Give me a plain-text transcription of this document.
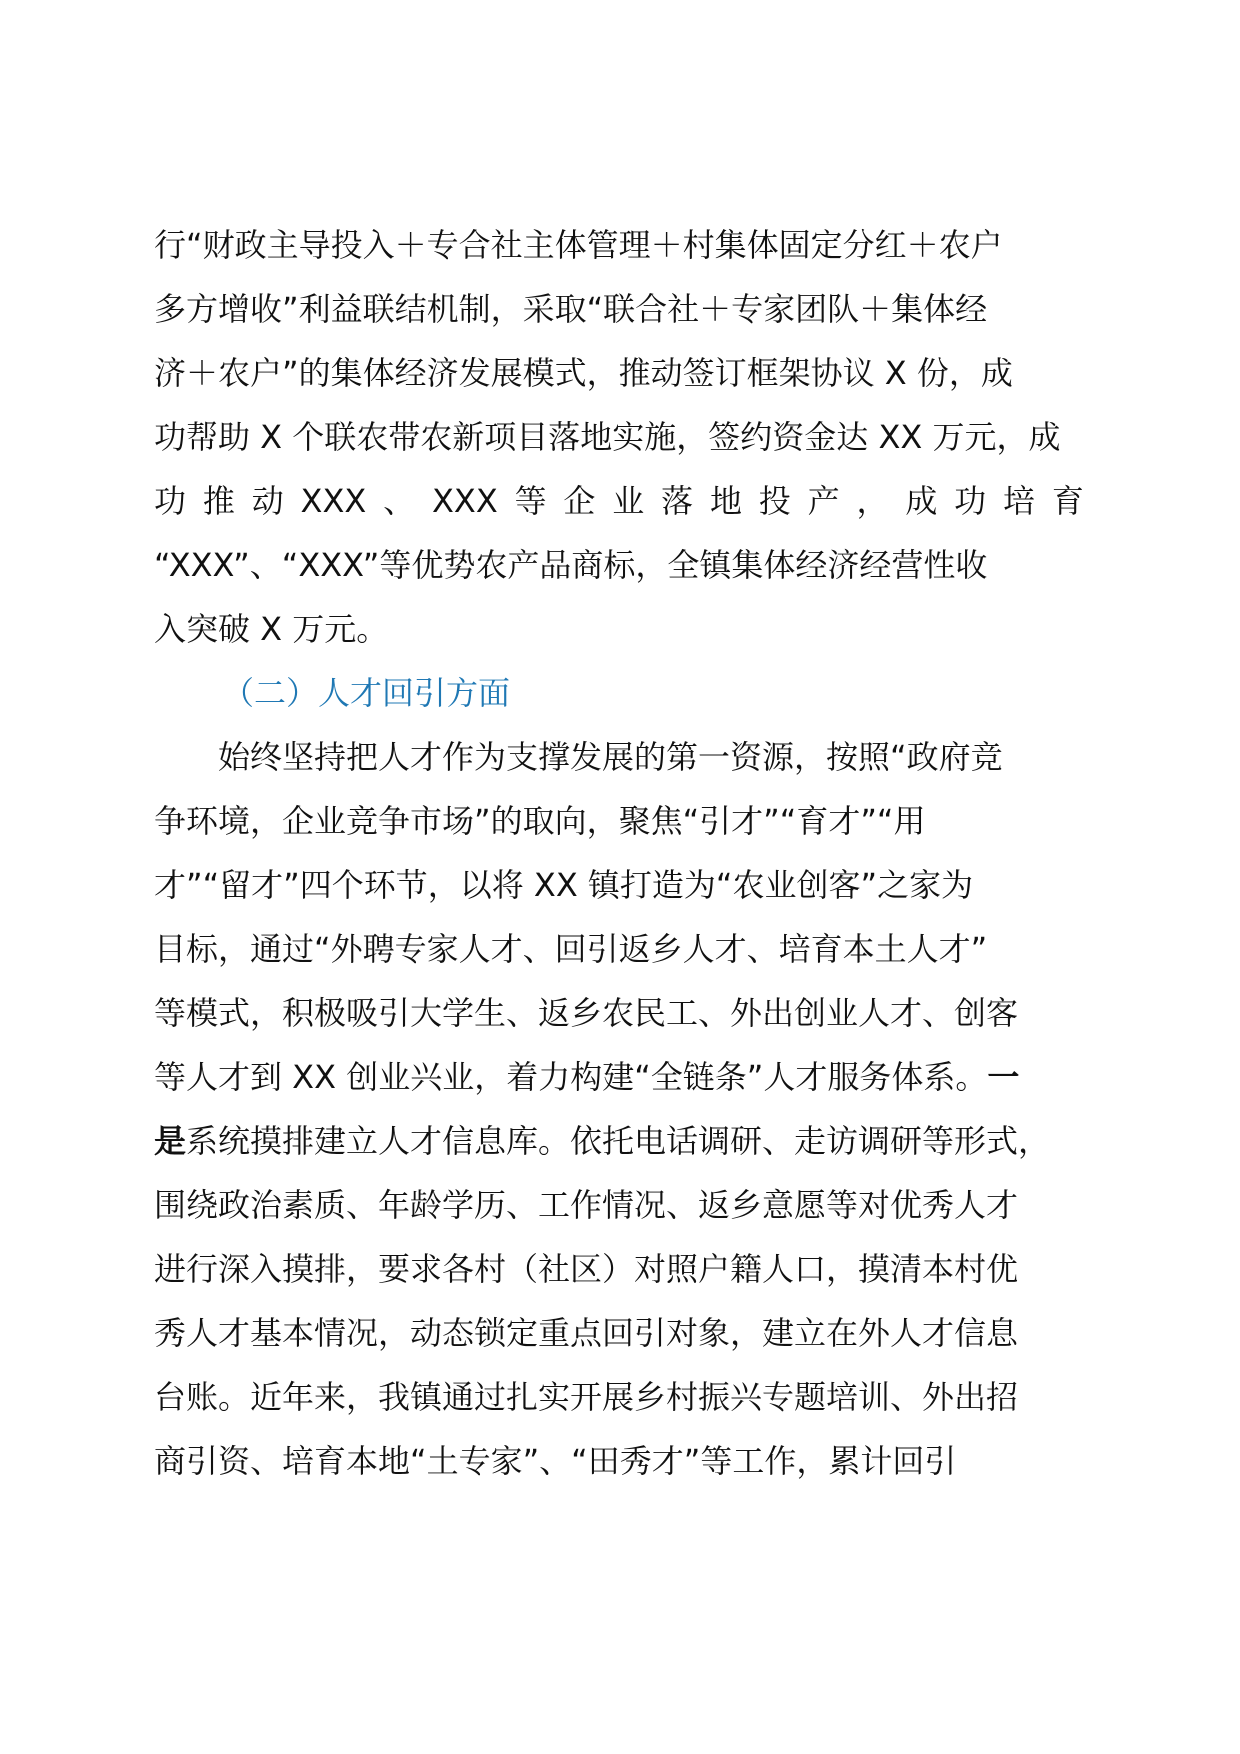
行“财政主导投入＋专合社主体管理＋村集体固定分红＋农户
多方增收”利益联结机制，采取“联合社＋专家团队＋集体经
济＋农户”的集体经济发展模式，推动签订框架协议 X 份，成
功帮助 X 个联农带农新项目落地实施，签约资金达 XX 万元，成
功 推 动 XXX 、 XXX 等 企 业 落 地 投 产 ， 成 功 培 育
“XXX”、“XXX”等优势农产品商标，全镇集体经济经营性收
入突破 X 万元。
（二）人才回引方面
始终坚持把人才作为支撑发展的第一资源，按照“政府竞
争环境，企业竞争市场”的取向，聚焦“引才”“育才”“用
才”“留才”四个环节，以将 XX 镇打造为“农业创客”之家为
目标，通过“外聘专家人才、回引返乡人才、培育本土人才”
等模式，积极吸引大学生、返乡农民工、外出创业人才、创客
等人才到 XX 创业兴业，着力构建“全链条”人才服务体系。一
是系统摸排建立人才信息库。依托电话调研、走访调研等形式，
围绕政治素质、年龄学历、工作情况、返乡意愿等对优秀人才
进行深入摸排，要求各村（社区）对照户籍人口，摸清本村优
秀人才基本情况，动态锁定重点回引对象，建立在外人才信息
台账。近年来，我镇通过扎实开展乡村振兴专题培训、外出招
商引资、培育本地“土专家”、“田秀才”等工作，累计回引
